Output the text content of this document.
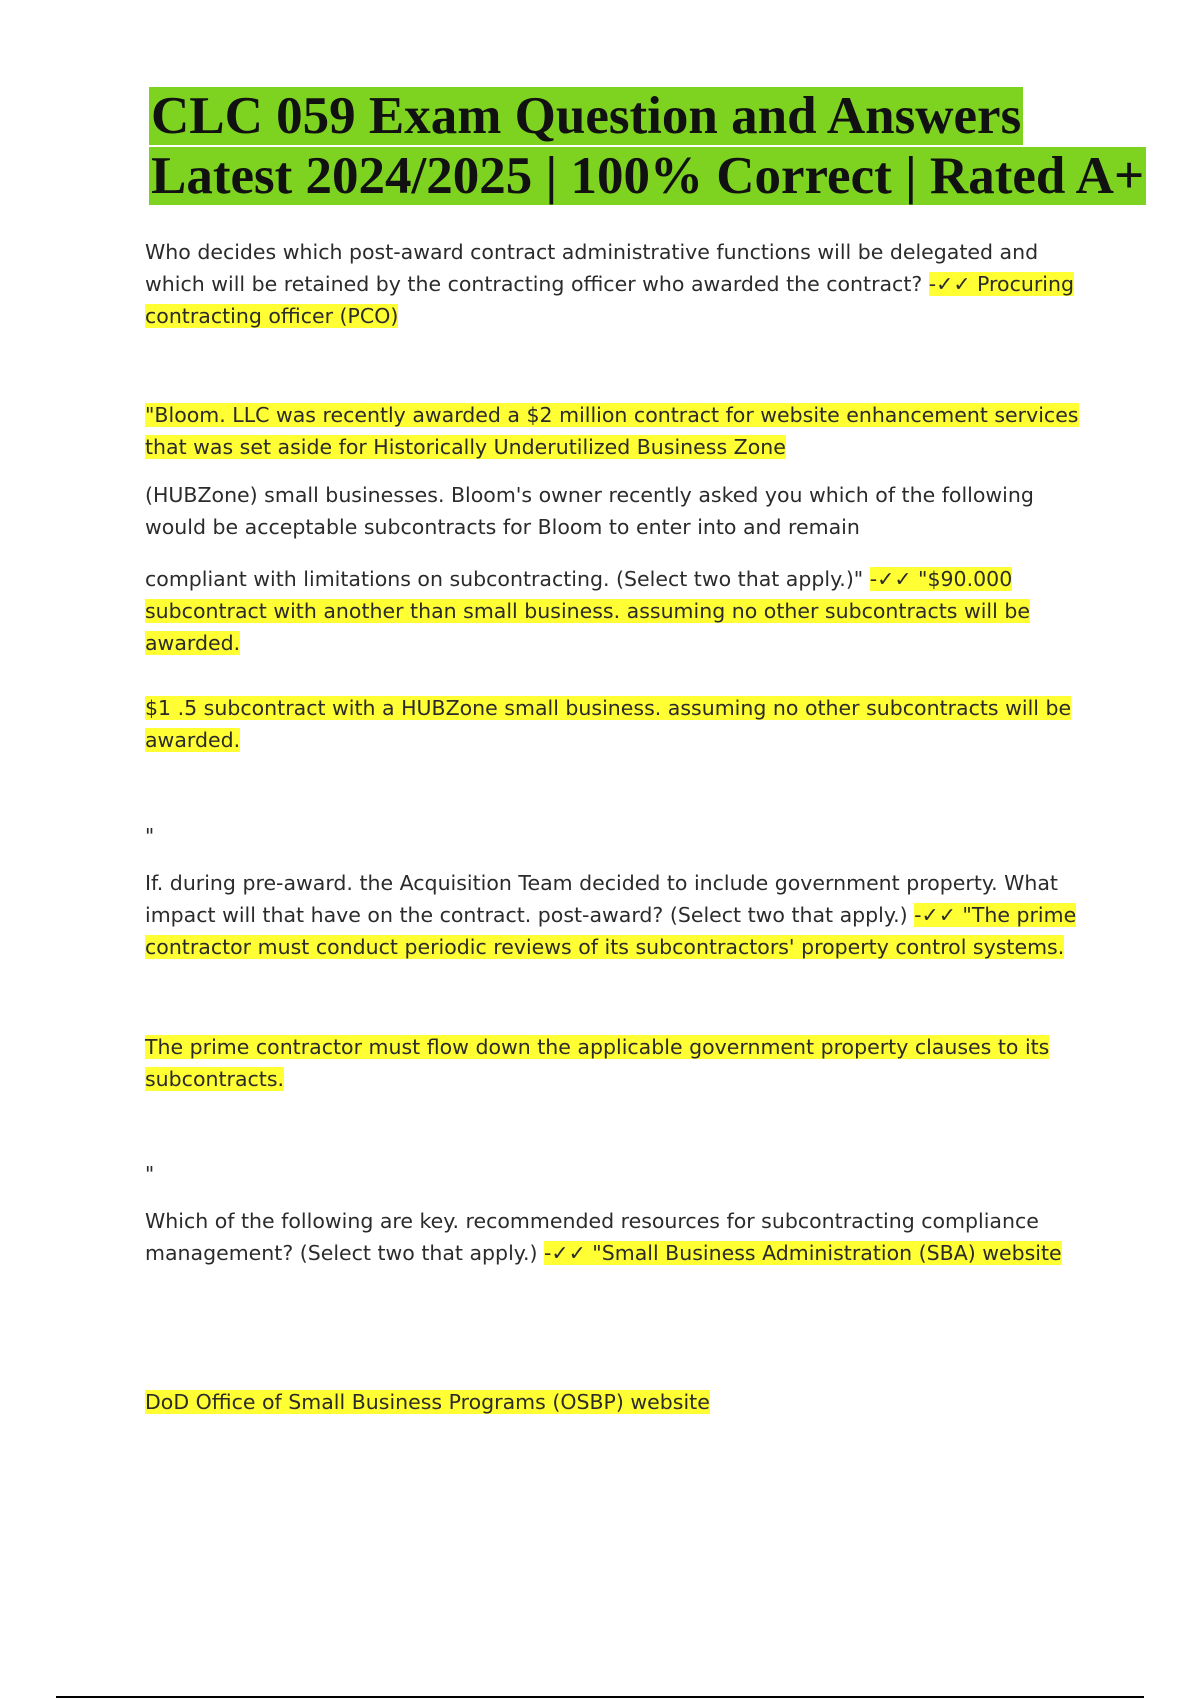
CLC 059 Exam Question and Answers Latest 2024/2025 | 100% Correct | Rated A+

Who decides which post-award contract administrative functions will be delegated and which will be retained by the contracting officer who awarded the contract? -✓✓ Procuring contracting officer (PCO)

"Bloom. LLC was recently awarded a $2 million contract for website enhancement services that was set aside for Historically Underutilized Business Zone

(HUBZone) small businesses. Bloom's owner recently asked you which of the following would be acceptable subcontracts for Bloom to enter into and remain

compliant with limitations on subcontracting. (Select two that apply.)" -✓✓ "$90.000 subcontract with another than small business. assuming no other subcontracts will be awarded.

$1 .5 subcontract with a HUBZone small business. assuming no other subcontracts will be awarded.

"

If. during pre-award. the Acquisition Team decided to include government property. What impact will that have on the contract. post-award? (Select two that apply.) -✓✓ "The prime contractor must conduct periodic reviews of its subcontractors' property control systems.

The prime contractor must flow down the applicable government property clauses to its subcontracts.

"

Which of the following are key. recommended resources for subcontracting compliance management? (Select two that apply.) -✓✓ "Small Business Administration (SBA) website

DoD Office of Small Business Programs (OSBP) website
